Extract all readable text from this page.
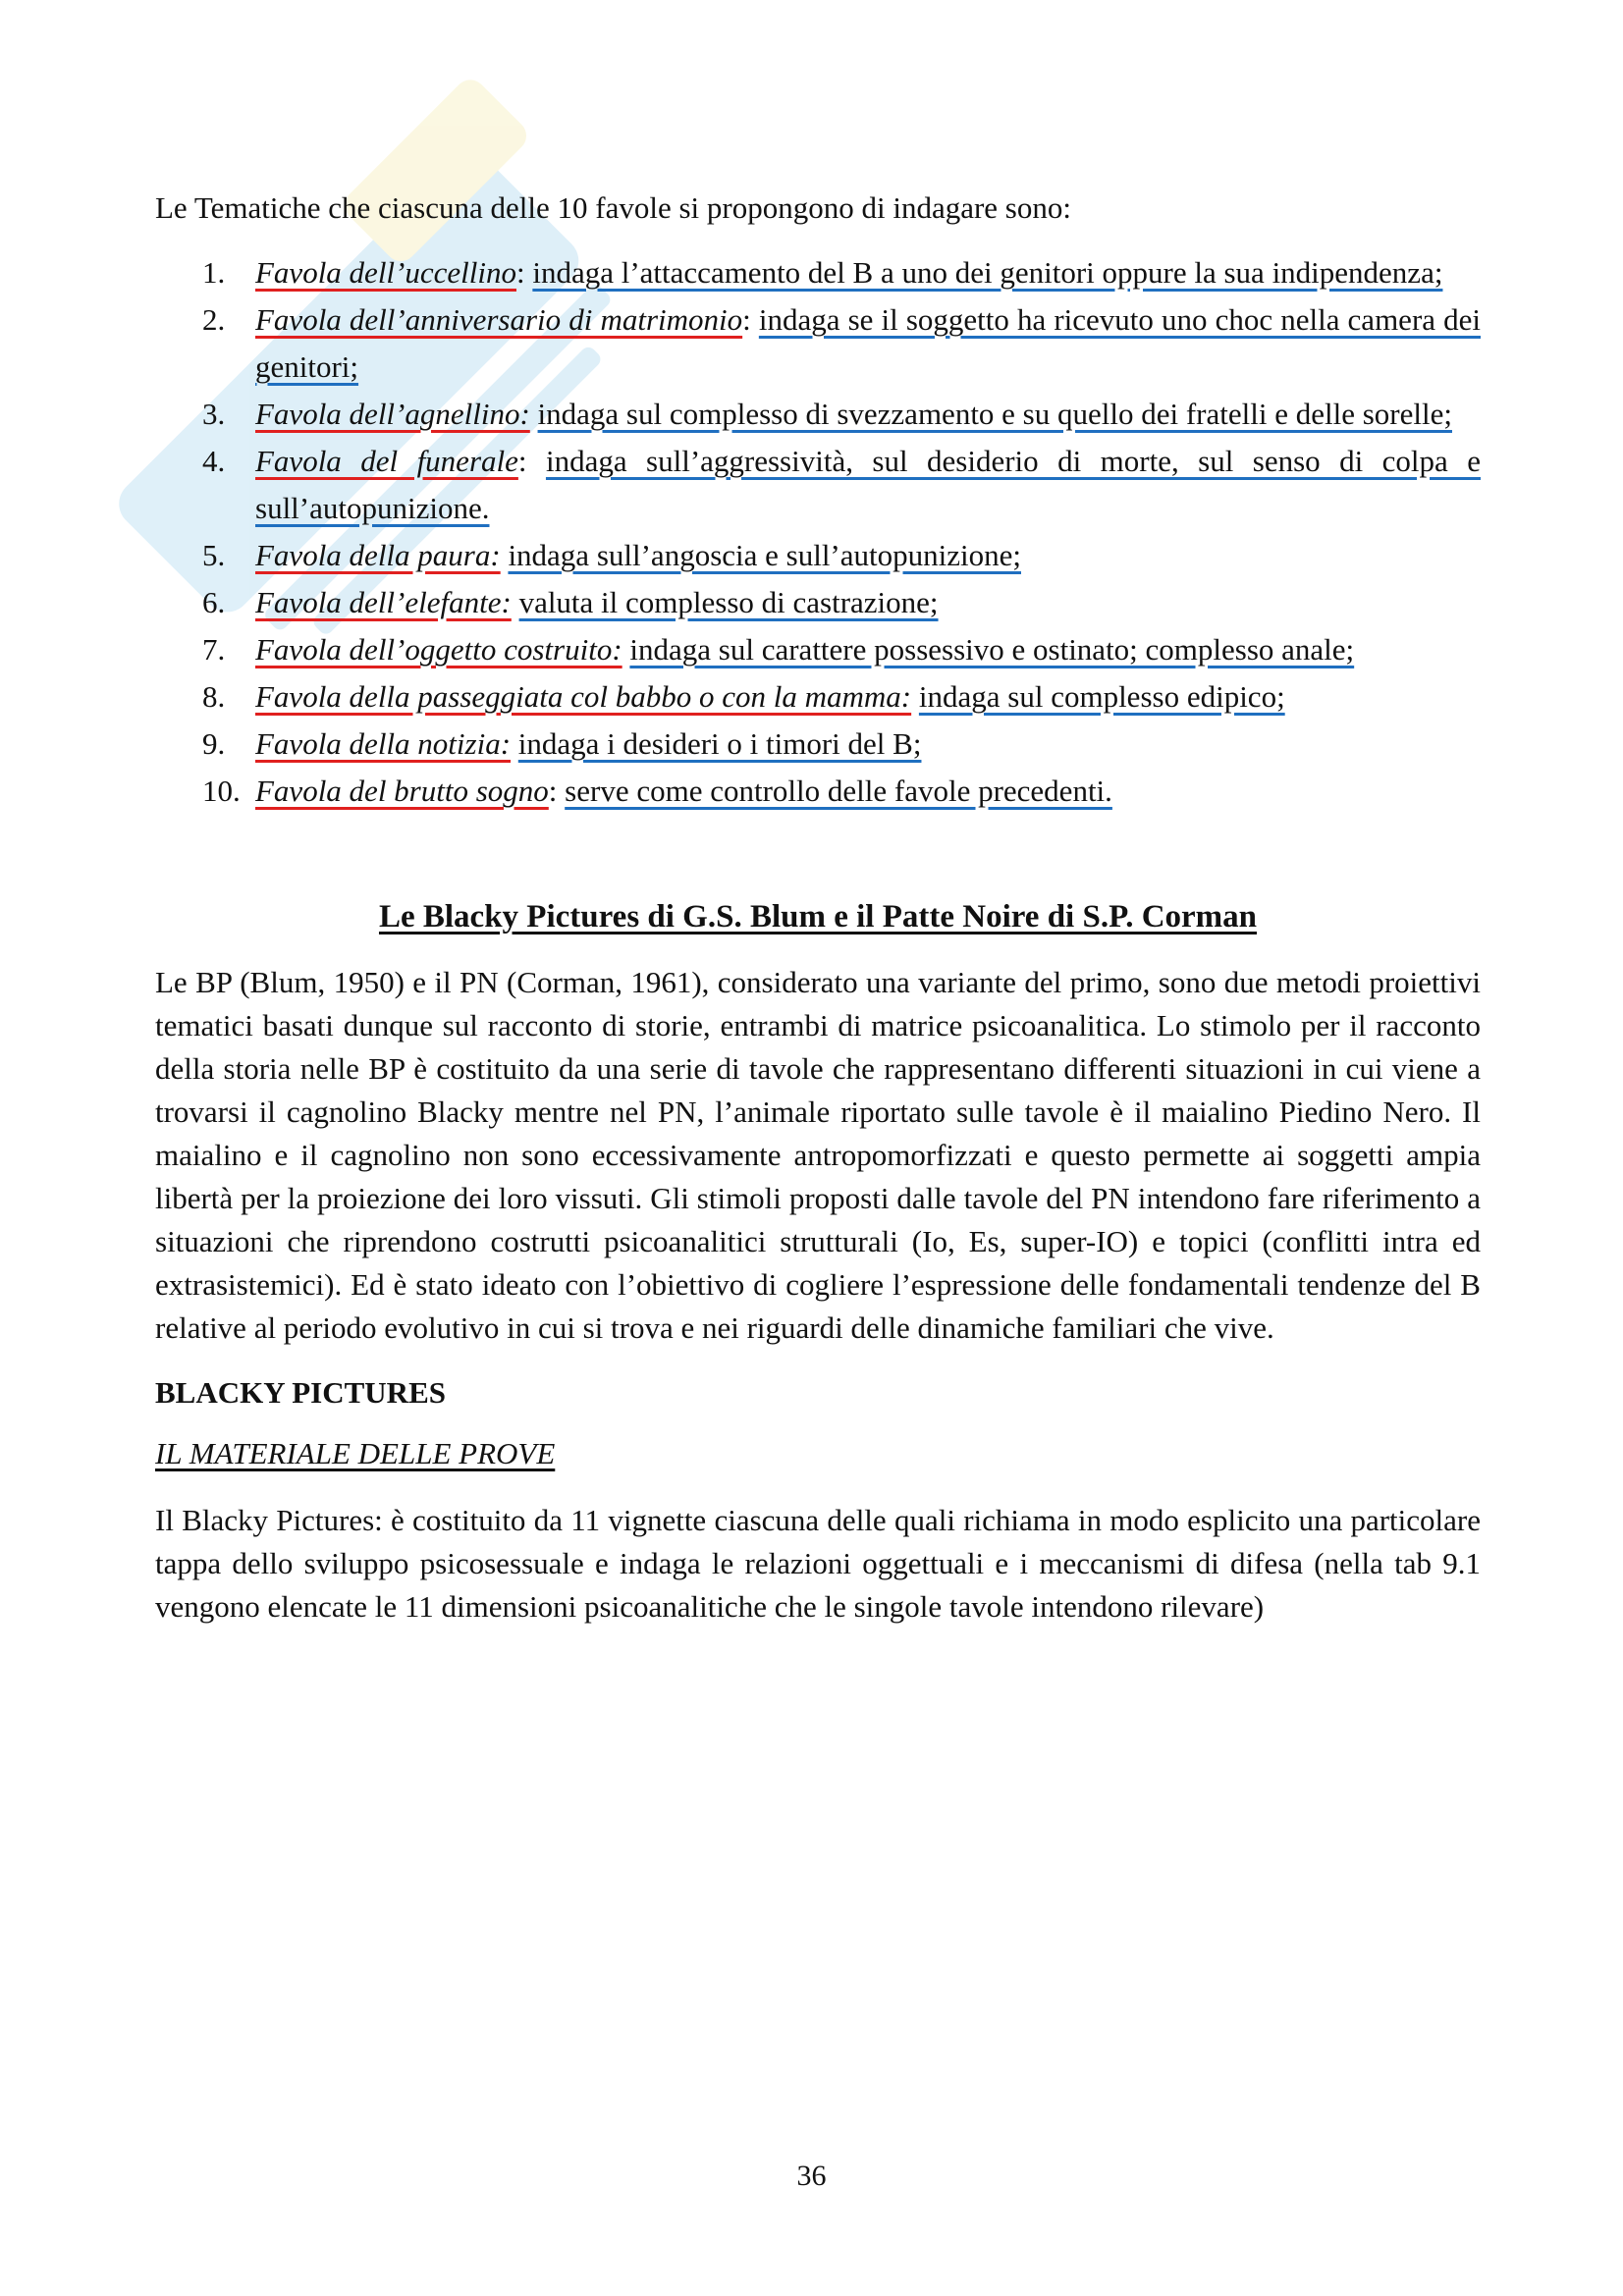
Le Tematiche che ciascuna delle 10 favole si propongono di indagare sono:

1. Favola dell’uccellino: indaga l’attaccamento del B a uno dei genitori oppure la sua indipendenza;
2. Favola dell’anniversario di matrimonio: indaga se il soggetto ha ricevuto uno choc nella camera dei genitori;
3. Favola dell’agnellino: indaga sul complesso di svezzamento e su quello dei fratelli e delle sorelle;
4. Favola del funerale: indaga sull’aggressività, sul desiderio di morte, sul senso di colpa e sull’autopunizione.
5. Favola della paura: indaga sull’angoscia e sull’autopunizione;
6. Favola dell’elefante: valuta il complesso di castrazione;
7. Favola dell’oggetto costruito: indaga sul carattere possessivo e ostinato; complesso anale;
8. Favola della passeggiata col babbo o con la mamma: indaga sul complesso edipico;
9. Favola della notizia: indaga i desideri o i timori del B;
10. Favola del brutto sogno: serve come controllo delle favole precedenti.
Le Blacky Pictures di G.S. Blum e il Patte Noire di S.P. Corman

Le BP (Blum, 1950) e il PN (Corman, 1961), considerato una variante del primo, sono due metodi proiettivi tematici basati dunque sul racconto di storie, entrambi di matrice psicoanalitica. Lo stimolo per il racconto della storia nelle BP è costituito da una serie di tavole che rappresentano differenti situazioni in cui viene a trovarsi il cagnolino Blacky mentre nel PN, l’animale riportato sulle tavole è il maialino Piedino Nero. Il maialino e il cagnolino non sono eccessivamente antropomorfizzati e questo permette ai soggetti ampia libertà per la proiezione dei loro vissuti. Gli stimoli proposti dalle tavole del PN intendono fare riferimento a situazioni che riprendono costrutti psicoanalitici strutturali (Io, Es, super-IO) e topici (conflitti intra ed extrasistemici). Ed è stato ideato con l’obiettivo di cogliere l’espressione delle fondamentali tendenze del B relative al periodo evolutivo in cui si trova e nei riguardi delle dinamiche familiari che vive.

BLACKY PICTURES
IL MATERIALE DELLE PROVE

Il Blacky Pictures: è costituito da 11 vignette ciascuna delle quali richiama in modo esplicito una particolare tappa dello sviluppo psicosessuale e indaga le relazioni oggettuali e i meccanismi di difesa (nella tab 9.1 vengono elencate le 11 dimensioni psicoanalitiche che le singole tavole intendono rilevare)

36
